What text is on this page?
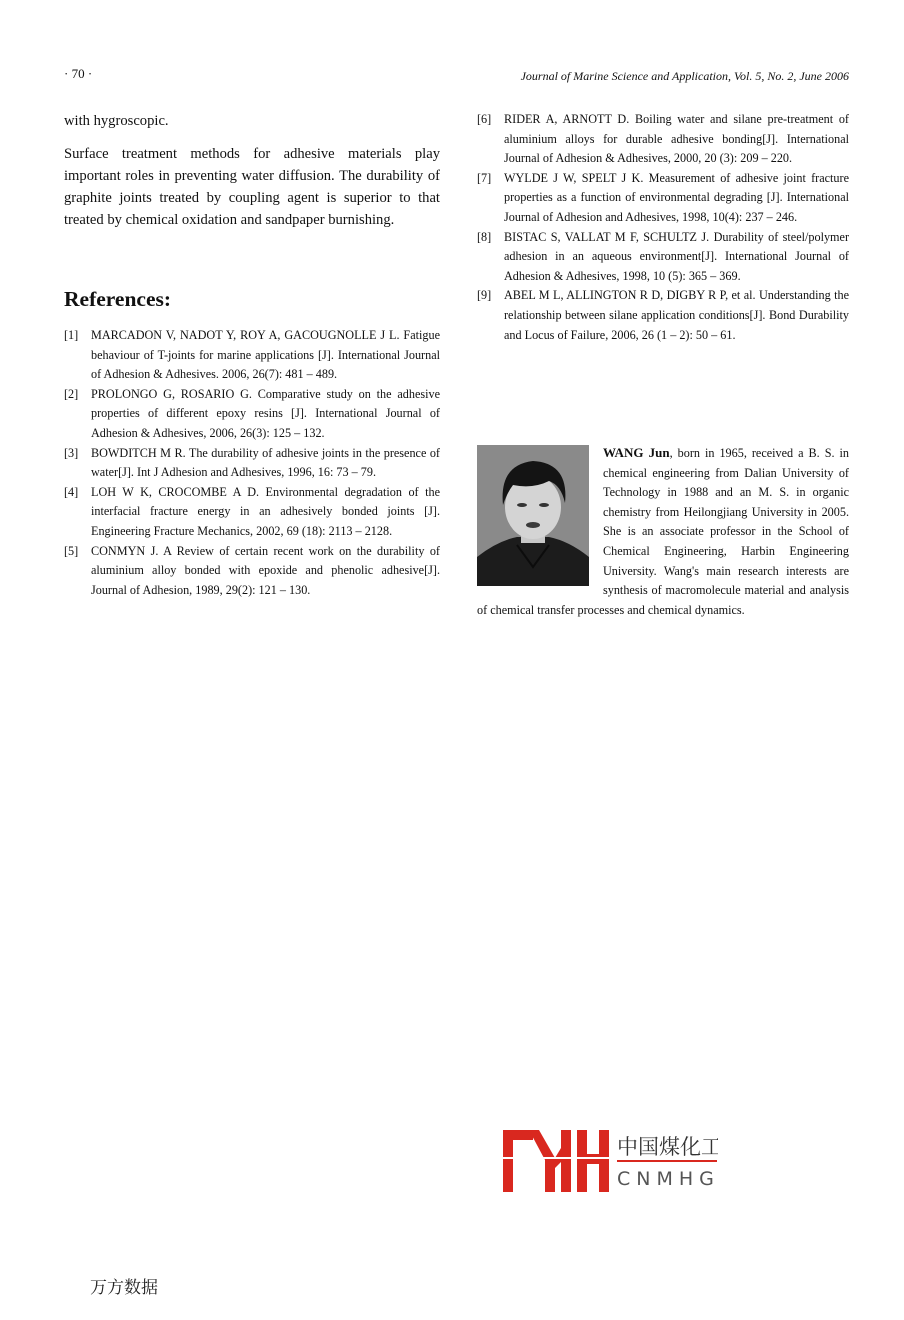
· 70 ·	Journal of Marine Science and Application, Vol. 5, No. 2, June 2006

with hygroscopic.

Surface treatment methods for adhesive materials play important roles in preventing water diffusion. The durability of graphite joints treated by coupling agent is superior to that treated by chemical oxidation and sandpaper burnishing.

References:
[1] MARCADON V, NADOT Y, ROY A, GACOUGNOLLE J L. Fatigue behaviour of T-joints for marine applications [J]. International Journal of Adhesion & Adhesives. 2006, 26(7): 481 – 489.
[2] PROLONGO G, ROSARIO G. Comparative study on the adhesive properties of different epoxy resins [J]. International Journal of Adhesion & Adhesives, 2006, 26(3): 125 – 132.
[3] BOWDITCH M R. The durability of adhesive joints in the presence of water[J]. Int J Adhesion and Adhesives, 1996, 16: 73 – 79.
[4] LOH W K, CROCOMBE A D. Environmental degradation of the interfacial fracture energy in an adhesively bonded joints [J]. Engineering Fracture Mechanics, 2002, 69 (18): 2113 – 2128.
[5] CONMYN J. A Review of certain recent work on the durability of aluminium alloy bonded with epoxide and phenolic adhesive[J]. Journal of Adhesion, 1989, 29(2): 121 – 130.
[6] RIDER A, ARNOTT D. Boiling water and silane pre-treatment of aluminium alloys for durable adhesive bonding[J]. International Journal of Adhesion & Adhesives, 2000, 20 (3): 209 – 220.
[7] WYLDE J W, SPELT J K. Measurement of adhesive joint fracture properties as a function of environmental degrading [J]. International Journal of Adhesion and Adhesives, 1998, 10(4): 237 – 246.
[8] BISTAC S, VALLAT M F, SCHULTZ J. Durability of steel/polymer adhesion in an aqueous environment[J]. International Journal of Adhesion & Adhesives, 1998, 10 (5): 365 – 369.
[9] ABEL M L, ALLINGTON R D, DIGBY R P, et al. Understanding the relationship between silane application conditions[J]. Bond Durability and Locus of Failure, 2006, 26 (1 – 2): 50 – 61.
WANG Jun, born in 1965, received a B. S. in chemical engineering from Dalian University of Technology in 1988 and an M. S. in organic chemistry from Heilongjiang University in 2005. She is an associate professor in the School of Chemical Engineering, Harbin Engineering University. Wang's main research interests are synthesis of macromolecule material and analysis of chemical transfer processes and chemical dynamics.
中国煤化工
CNMHG
万方数据
